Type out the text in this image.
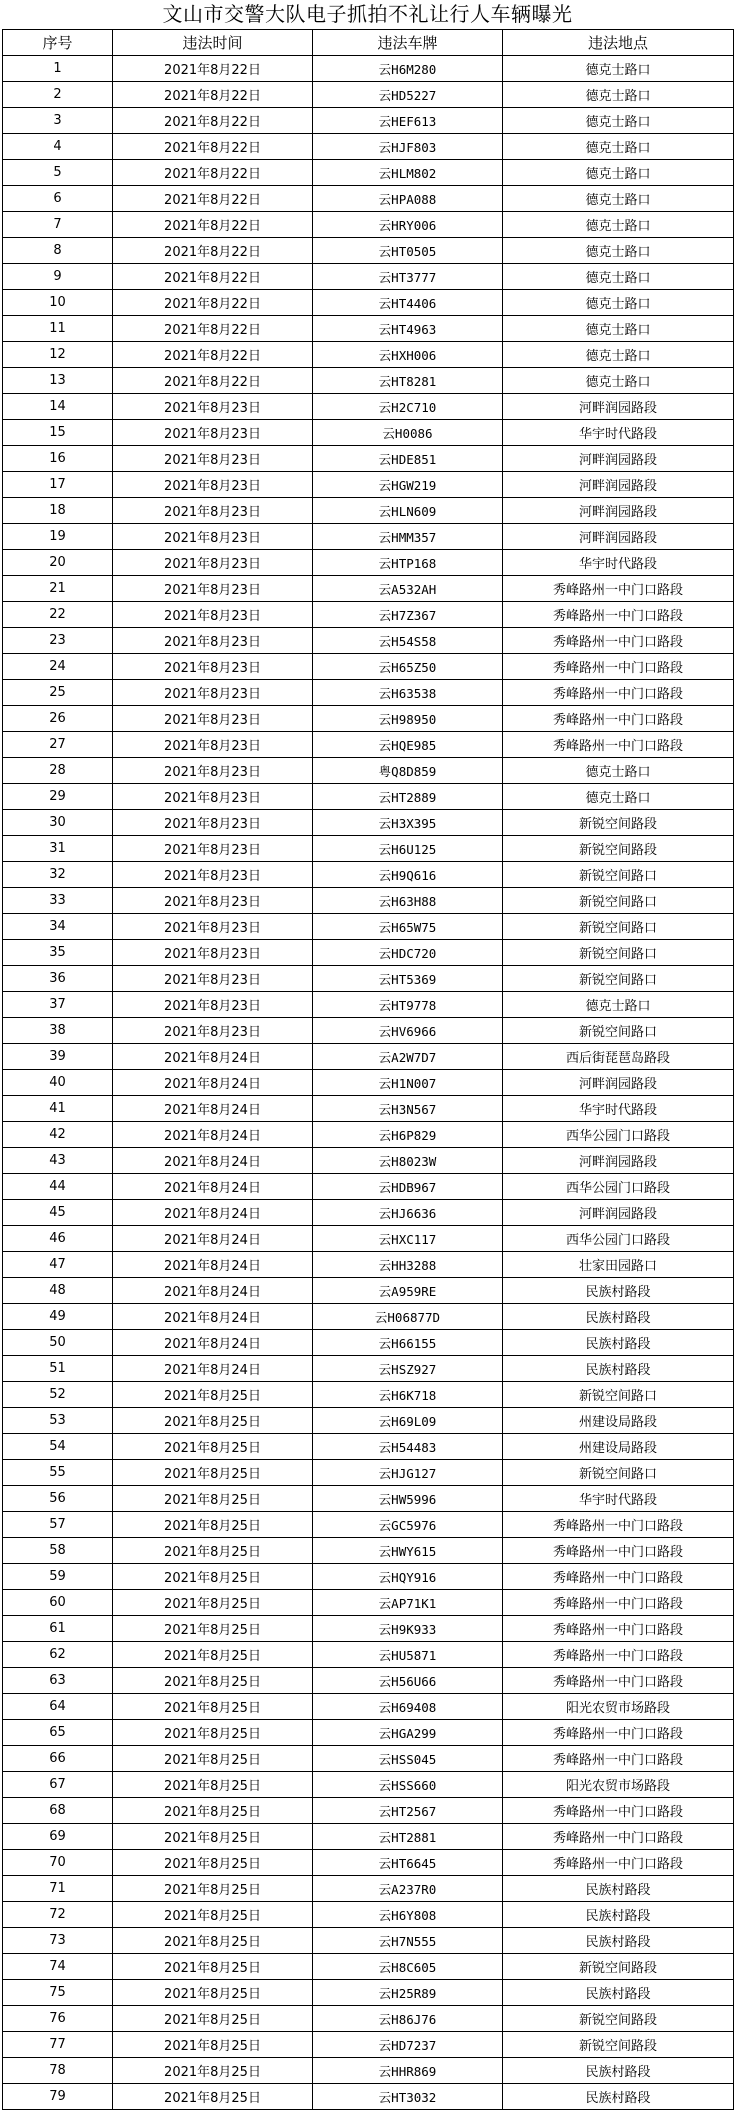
文山市交警大队电子抓拍不礼让行人车辆曝光
序号	违法时间	违法车牌	违法地点
1	2021年8月22日	云H6M280	德克士路口
2	2021年8月22日	云HD5227	德克士路口
3	2021年8月22日	云HEF613	德克士路口
4	2021年8月22日	云HJF803	德克士路口
5	2021年8月22日	云HLM802	德克士路口
6	2021年8月22日	云HPA088	德克士路口
7	2021年8月22日	云HRY006	德克士路口
8	2021年8月22日	云HT0505	德克士路口
9	2021年8月22日	云HT3777	德克士路口
10	2021年8月22日	云HT4406	德克士路口
11	2021年8月22日	云HT4963	德克士路口
12	2021年8月22日	云HXH006	德克士路口
13	2021年8月22日	云HT8281	德克士路口
14	2021年8月23日	云H2C710	河畔润园路段
15	2021年8月23日	云H0086	华宇时代路段
16	2021年8月23日	云HDE851	河畔润园路段
17	2021年8月23日	云HGW219	河畔润园路段
18	2021年8月23日	云HLN609	河畔润园路段
19	2021年8月23日	云HMM357	河畔润园路段
20	2021年8月23日	云HTP168	华宇时代路段
21	2021年8月23日	云A532AH	秀峰路州一中门口路段
22	2021年8月23日	云H7Z367	秀峰路州一中门口路段
23	2021年8月23日	云H54S58	秀峰路州一中门口路段
24	2021年8月23日	云H65Z50	秀峰路州一中门口路段
25	2021年8月23日	云H63538	秀峰路州一中门口路段
26	2021年8月23日	云H98950	秀峰路州一中门口路段
27	2021年8月23日	云HQE985	秀峰路州一中门口路段
28	2021年8月23日	粤Q8D859	德克士路口
29	2021年8月23日	云HT2889	德克士路口
30	2021年8月23日	云H3X395	新锐空间路段
31	2021年8月23日	云H6U125	新锐空间路段
32	2021年8月23日	云H9Q616	新锐空间路口
33	2021年8月23日	云H63H88	新锐空间路口
34	2021年8月23日	云H65W75	新锐空间路口
35	2021年8月23日	云HDC720	新锐空间路口
36	2021年8月23日	云HT5369	新锐空间路口
37	2021年8月23日	云HT9778	德克士路口
38	2021年8月23日	云HV6966	新锐空间路口
39	2021年8月24日	云A2W7D7	西后街琵琶岛路段
40	2021年8月24日	云H1N007	河畔润园路段
41	2021年8月24日	云H3N567	华宇时代路段
42	2021年8月24日	云H6P829	西华公园门口路段
43	2021年8月24日	云H8023W	河畔润园路段
44	2021年8月24日	云HDB967	西华公园门口路段
45	2021年8月24日	云HJ6636	河畔润园路段
46	2021年8月24日	云HXC117	西华公园门口路段
47	2021年8月24日	云HH3288	壮家田园路口
48	2021年8月24日	云A959RE	民族村路段
49	2021年8月24日	云H06877D	民族村路段
50	2021年8月24日	云H66155	民族村路段
51	2021年8月24日	云HSZ927	民族村路段
52	2021年8月25日	云H6K718	新锐空间路口
53	2021年8月25日	云H69L09	州建设局路段
54	2021年8月25日	云H54483	州建设局路段
55	2021年8月25日	云HJG127	新锐空间路口
56	2021年8月25日	云HW5996	华宇时代路段
57	2021年8月25日	云GC5976	秀峰路州一中门口路段
58	2021年8月25日	云HWY615	秀峰路州一中门口路段
59	2021年8月25日	云HQY916	秀峰路州一中门口路段
60	2021年8月25日	云AP71K1	秀峰路州一中门口路段
61	2021年8月25日	云H9K933	秀峰路州一中门口路段
62	2021年8月25日	云HU5871	秀峰路州一中门口路段
63	2021年8月25日	云H56U66	秀峰路州一中门口路段
64	2021年8月25日	云H69408	阳光农贸市场路段
65	2021年8月25日	云HGA299	秀峰路州一中门口路段
66	2021年8月25日	云HSS045	秀峰路州一中门口路段
67	2021年8月25日	云HSS660	阳光农贸市场路段
68	2021年8月25日	云HT2567	秀峰路州一中门口路段
69	2021年8月25日	云HT2881	秀峰路州一中门口路段
70	2021年8月25日	云HT6645	秀峰路州一中门口路段
71	2021年8月25日	云A237R0	民族村路段
72	2021年8月25日	云H6Y808	民族村路段
73	2021年8月25日	云H7N555	民族村路段
74	2021年8月25日	云H8C605	新锐空间路段
75	2021年8月25日	云H25R89	民族村路段
76	2021年8月25日	云H86J76	新锐空间路段
77	2021年8月25日	云HD7237	新锐空间路段
78	2021年8月25日	云HHR869	民族村路段
79	2021年8月25日	云HT3032	民族村路段
